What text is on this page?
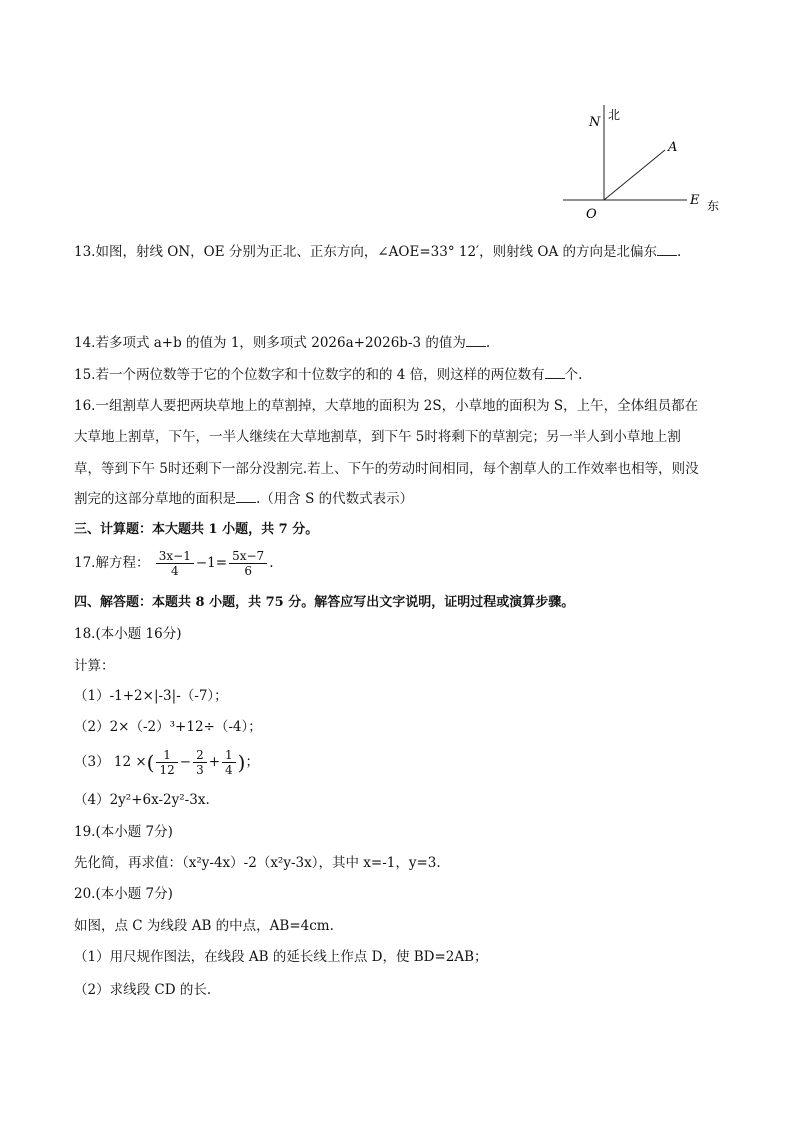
N 北
A
O
E 东
13.如图，射线 ON，OE 分别为正北、正东方向，∠AOE=33° 12′，则射线 OA 的方向是北偏东 .
14.若多项式 a+b 的值为 1，则多项式 2026a+2026b-3 的值为 .
15.若一个两位数等于它的个位数字和十位数字的和的 4 倍，则这样的两位数有 个.
16.一组割草人要把两块草地上的草割掉，大草地的面积为 2S，小草地的面积为 S，上午，全体组员都在
大草地上割草，下午，一半人继续在大草地割草，到下午 5时将剩下的草割完；另一半人到小草地上割
草，等到下午 5时还剩下一部分没割完.若上、下午的劳动时间相同，每个割草人的工作效率也相等，则没
割完的这部分草地的面积是 .（用含 S 的代数式表示）
三、计算题：本大题共 1 小题，共 7 分。
17.解方程： $\frac{3x-1}{4} -1= \frac{5x-7}{6}$ .
四、解答题：本题共 8 小题，共 75 分。解答应写出文字说明，证明过程或演算步骤。
18.(本小题 16分)
计算：
（1）-1+2×|-3|-（-7）；
（2）2×（-2）³+12÷（-4）；
（3） 12 ×( $\frac{1}{12} - \frac{2}{3} + \frac{1}{4}$ )；
（4）2y²+6x-2y²-3x.
19.(本小题 7分)
先化简，再求值：（x²y-4x）-2（x²y-3x），其中 x=-1，y=3.
20.(本小题 7分)
如图，点 C 为线段 AB 的中点，AB=4cm.
（1）用尺规作图法，在线段 AB 的延长线上作点 D，使 BD=2AB；
（2）求线段 CD 的长.
